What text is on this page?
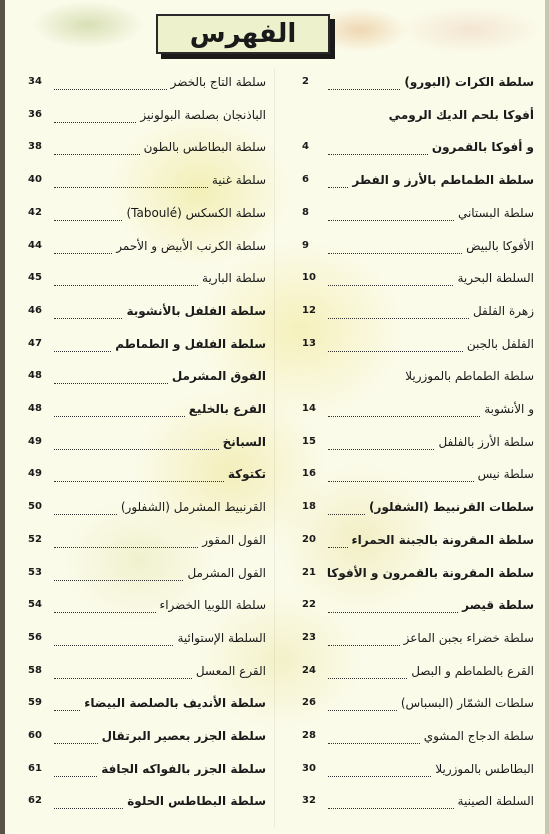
الفهرس
سلطة الكرات (البورو)
2
أفوكا بلحم الديك الرومي
و أفوكا بالقمرون
4
سلطة الطماطم بالأرز و الفطر
6
سلطة البستاني
8
الأفوكا بالبيض
9
السلطة البحرية
10
زهرة الفلفل
12
الفلفل بالجبن
13
سلطة الطماطم بالموزريلا
و الأنشوبة
14
سلطة الأرز بالفلفل
15
سلطة نيس
16
سلطات القرنبيط (الشفلور)
18
سلطة المقرونة بالجبنة الحمراء
20
سلطة المقرونة بالقمرون و الأفوكا
21
سلطة قيصر
22
سلطة خضراء بجبن الماعز
23
القرع بالطماطم و البصل
24
سلطات الشمّار (البسباس)
26
سلطة الدجاج المشوي
28
البطاطس بالموزريلا
30
السلطة الصينية
32
سلطة التاج بالخضر
34
الباذنجان بصلصة البولونيز
36
سلطة البطاطس بالطون
38
سلطة غنية
40
سلطة الكسكس (Taboulé)
42
سلطة الكرنب الأبيض و الأحمر
44
سلطة البارية
45
سلطة الفلفل بالأنشوبة
46
سلطة الفلفل و الطماطم
47
الفوق المشرمل
48
القرع بالخليع
48
السبانخ
49
تكتوكة
49
القرنبيط المشرمل (الشفلور)
50
الفول المقور
52
الفول المشرمل
53
سلطة اللوبيا الخضراء
54
السلطة الإستوائية
56
القرع المعسل
58
سلطة الأنديف بالصلصة البيضاء
59
سلطة الجزر بعصير البرتقال
60
سلطة الجزر بالفواكه الجافة
61
سلطة البطاطس الحلوة
62
